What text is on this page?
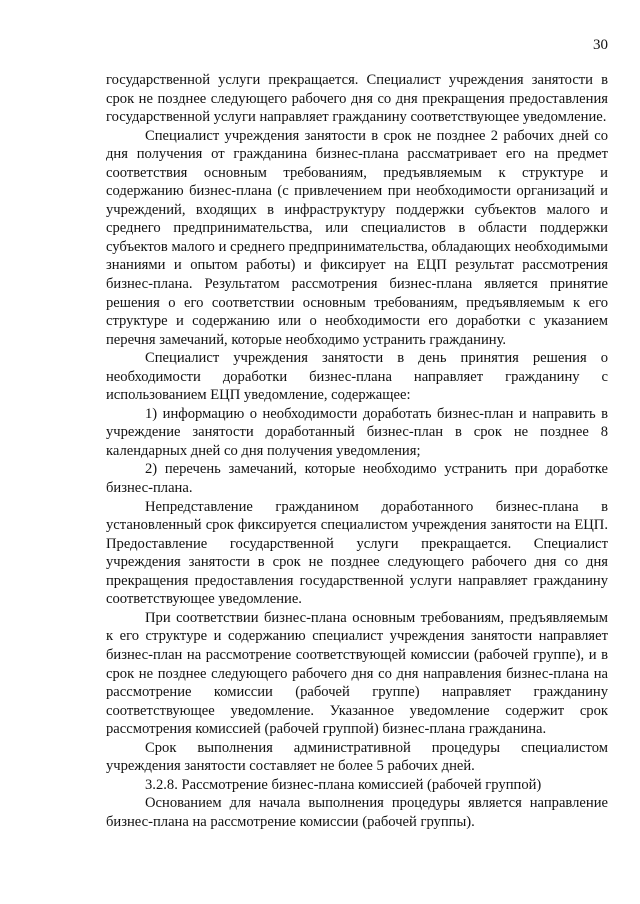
30

государственной услуги прекращается. Специалист учреждения занятости в срок не позднее следующего рабочего дня со дня прекращения предоставления государственной услуги направляет гражданину соответствующее уведомление.

Специалист учреждения занятости в срок не позднее 2 рабочих дней со дня получения от гражданина бизнес-плана рассматривает его на предмет соответствия основным требованиям, предъявляемым к структуре и содержанию бизнес-плана (с привлечением при необходимости организаций и учреждений, входящих в инфраструктуру поддержки субъектов малого и среднего предпринимательства, или специалистов в области поддержки субъектов малого и среднего предпринимательства, обладающих необходимыми знаниями и опытом работы) и фиксирует на ЕЦП результат рассмотрения бизнес-плана. Результатом рассмотрения бизнес-плана является принятие решения о его соответствии основным требованиям, предъявляемым к его структуре и содержанию или о необходимости его доработки с указанием перечня замечаний, которые необходимо устранить гражданину.

Специалист учреждения занятости в день принятия решения о необходимости доработки бизнес-плана направляет гражданину с использованием ЕЦП уведомление, содержащее:

1) информацию о необходимости доработать бизнес-план и направить в учреждение занятости доработанный бизнес-план в срок не позднее 8 календарных дней со дня получения уведомления;

2) перечень замечаний, которые необходимо устранить при доработке бизнес-плана.

Непредставление гражданином доработанного бизнес-плана в установленный срок фиксируется специалистом учреждения занятости на ЕЦП. Предоставление государственной услуги прекращается. Специалист учреждения занятости в срок не позднее следующего рабочего дня со дня прекращения предоставления государственной услуги направляет гражданину соответствующее уведомление.

При соответствии бизнес-плана основным требованиям, предъявляемым к его структуре и содержанию специалист учреждения занятости направляет бизнес-план на рассмотрение соответствующей комиссии (рабочей группе), и в срок не позднее следующего рабочего дня со дня направления бизнес-плана на рассмотрение комиссии (рабочей группе) направляет гражданину соответствующее уведомление. Указанное уведомление содержит срок рассмотрения комиссией (рабочей группой) бизнес-плана гражданина.

Срок выполнения административной процедуры специалистом учреждения занятости составляет не более 5 рабочих дней.

3.2.8. Рассмотрение бизнес-плана комиссией (рабочей группой)

Основанием для начала выполнения процедуры является направление бизнес-плана на рассмотрение комиссии (рабочей группы).
